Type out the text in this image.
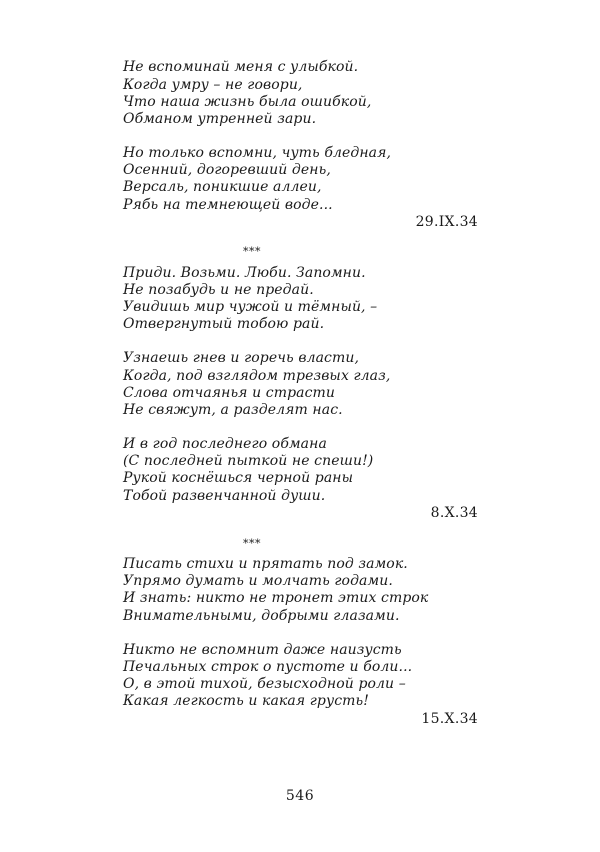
Не вспоминай меня с улыбкой.
Когда умру – не говори,
Что наша жизнь была ошибкой,
Обманом утренней зари.
Но только вспомни, чуть бледная,
Осенний, догоревший день,
Версаль, поникшие аллеи,
Рябь на темнеющей воде...
29.IX.34
***
Приди. Возьми. Люби. Запомни.
Не позабудь и не предай.
Увидишь мир чужой и тёмный, –
Отвергнутый тобою рай.
Узнаешь гнев и горечь власти,
Когда, под взглядом трезвых глаз,
Слова отчаянья и страсти
Не свяжут, а разделят нас.
И в год последнего обмана
(С последней пыткой не спеши!)
Рукой коснёшься черной раны
Тобой развенчанной души.
8.X.34
***
Писать стихи и прятать под замок.
Упрямо думать и молчать годами.
И знать: никто не тронет этих строк
Внимательными, добрыми глазами.
Никто не вспомнит даже наизусть
Печальных строк о пустоте и боли...
О, в этой тихой, безысходной роли –
Какая легкость и какая грусть!
15.X.34
546
